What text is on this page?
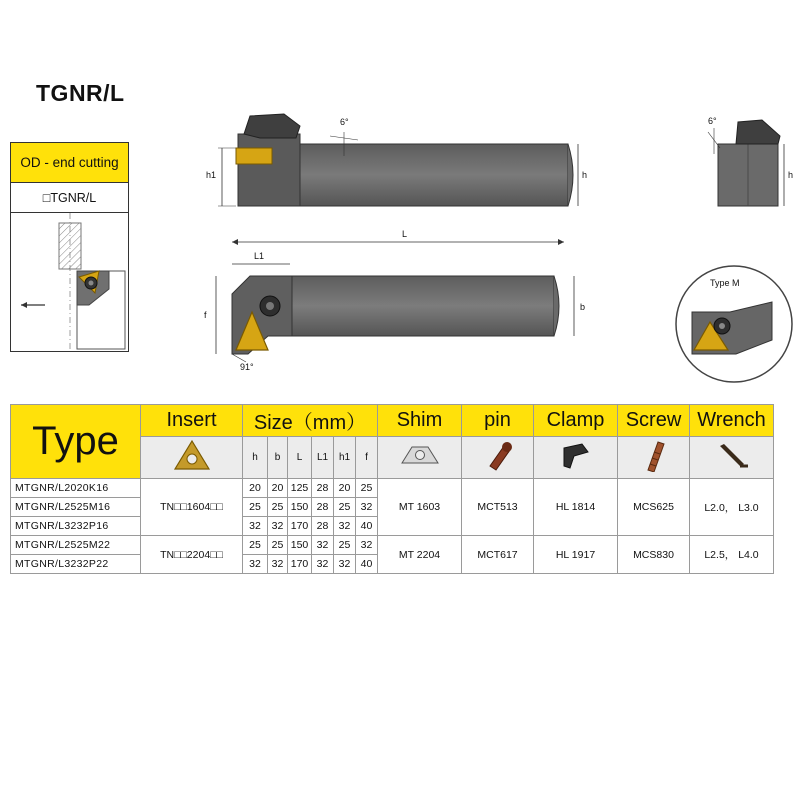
TGNR/L
OD - end cutting
□TGNR/L
h1	h
6°
h
6°
L
L1
f
b
91°
Type M
Type	Insert	Size（mm）						Shim	pin	Clamp	Screw	Wrench
	h	b	L	L1	h1	f					
MTGNR/L2020K16	TN□□1604□□	20	20	125	28	20	25	MT 1603	MCT513	HL 1814	MCS625	L2.0， L3.0
MTGNR/L2525M16		25	25	150	28	25	32					
MTGNR/L3232P16		32	32	170	28	32	40					
MTGNR/L2525M22	TN□□2204□□	25	25	150	32	25	32	MT 2204	MCT617	HL 1917	MCS830	L2.5， L4.0
MTGNR/L3232P22		32	32	170	32	32	40					
